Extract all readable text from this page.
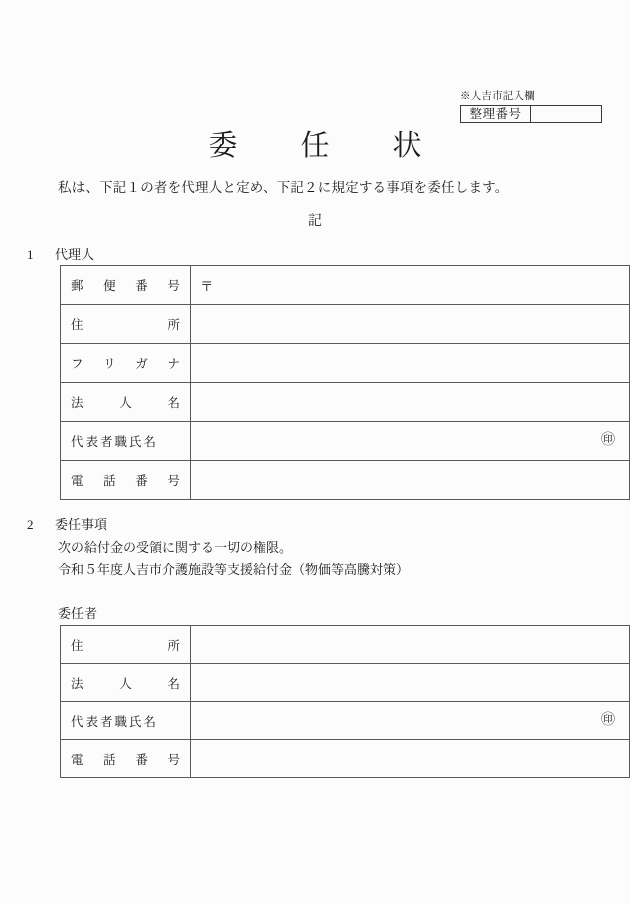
※人吉市記入欄
整理番号
委　任　状
私は、下記１の者を代理人と定め、下記２に規定する事項を委任します。
記
1 代理人
郵 便 番 号	〒

住 所	

フ リ ガ ナ	

法 人 名	

代表者職氏名	㊞

電 話 番 号	

2 委任事項
次の給付金の受領に関する一切の権限。
令和５年度人吉市介護施設等支援給付金（物価等高騰対策）
委任者
住 所	

法 人 名	

代表者職氏名	㊞

電 話 番 号	
